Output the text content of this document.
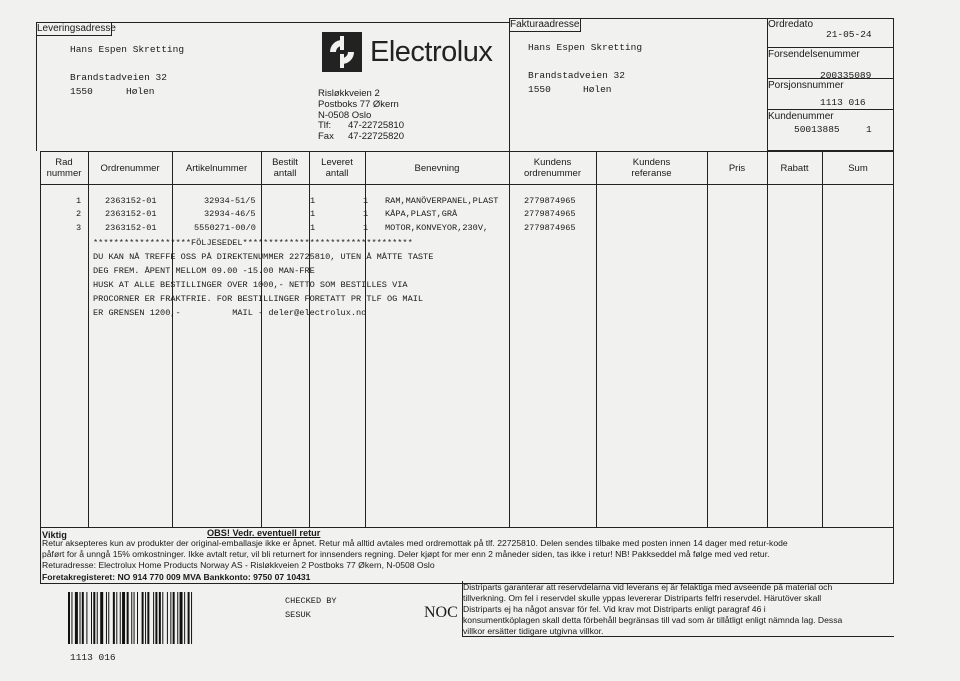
Leveringsadresse
Hans Espen Skretting
Brandstadveien 32
1550	Hølen
Electrolux
Risløkkveien 2
Postboks 77 Økern
N-0508 Oslo
Tlf: 47-22725810
Fax 47-22725820
Fakturaadresse
Hans Espen Skretting
Brandstadveien 32
1550	Hølen
Ordredato
21-05-24
Forsendelsenummer
200335089
Porsjonsnummer
1113 016
Kundenummer
50013885	1
Rad
nummer	Ordrenummer	Artikelnummer
Bestilt
antall
Leveret
antall	Benevning
Kundens
ordrenummer
Kundens
referanse	Pris	Rabatt	Sum
1	2363152-01	32934-51/5	1	1 RAM,MANÖVERPANEL,PLAST	2779874965
2	2363152-01	32934-46/5	1	1 KÅPA,PLAST,GRÅ	2779874965
3	2363152-01	5550271-00/0	1	1 MOTOR,KONVEYOR,230V,	2779874965
*******************FÖLJESEDEL*********************************
DU KAN NÅ TREFFE OSS PÅ DIREKTENUMMER 22725810, UTEN Å MÅTTE TASTE
DEG FREM. ÅPENT MELLOM 09.00 -15.00 MAN-FRE
HUSK AT ALLE BESTILLINGER OVER 1000,- NETTO SOM BESTILLES VIA
PROCORNER ER FRAKTFRIE. FOR BESTILLINGER FORETATT PR TLF OG MAIL
ER GRENSEN 1200,-          MAIL - deler@electrolux.no
Viktig	OBS! Vedr. eventuell retur
Retur aksepteres kun av produkter der original-emballasje ikke er åpnet. Retur må alltid avtales med ordremottak på tlf. 22725810. Delen sendes tilbake med posten innen 14 dager med retur-kode
påført for å unngå 15% omkostninger. Ikke avtalt retur, vil bli returnert for innsenders regning. Deler kjøpt for mer enn 2 måneder siden, tas ikke i retur! NB! Pakkseddel må følge med ved retur.
Returadresse: Electrolux Home Products Norway AS - Risløkkveien 2 Postboks 77 Økern, N-0508 Oslo
Foretakregisteret: NO 914 770 009 MVA Bankkonto: 9750 07 10431
1113 016
CHECKED BY
SESUK	NOC
Distriparts garanterar att reservdelarna vid leverans ej är felaktiga med avseende på material och
tillverkning. Om fel i reservdel skulle yppas levererar Distriparts felfri reservdel. Härutöver skall
Distriparts ej ha något ansvar för fel. Vid krav mot Distriparts enligt paragraf 46 i
konsumentköplagen skall detta förbehåll begränsas till vad som är tillåtligt enligt nämnda lag. Dessa
villkor ersätter tidigare utgivna villkor.
